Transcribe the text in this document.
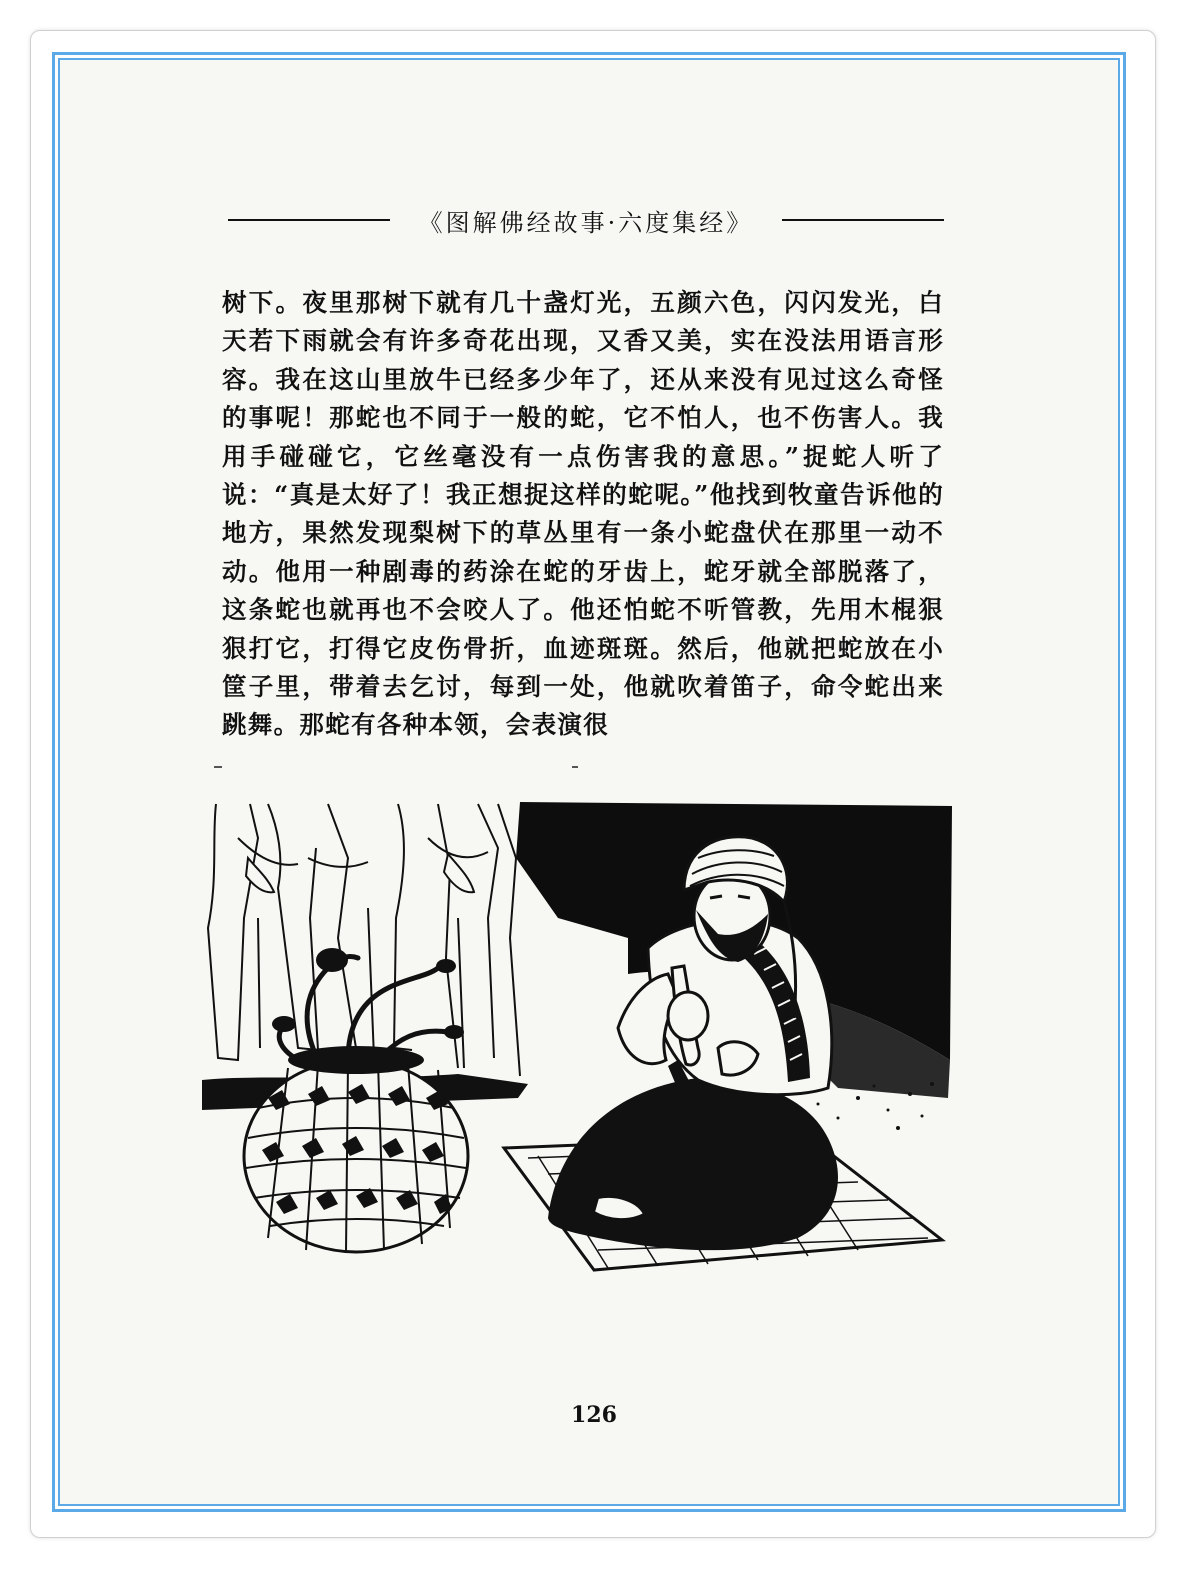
《图解佛经故事·六度集经》

树下。夜里那树下就有几十盏灯光，五颜六色，闪闪发光，白天若下雨就会有许多奇花出现，又香又美，实在没法用语言形容。我在这山里放牛已经多少年了，还从来没有见过这么奇怪的事呢！那蛇也不同于一般的蛇，它不怕人，也不伤害人。我用手碰碰它，它丝毫没有一点伤害我的意思。”捉蛇人听了说：“真是太好了！我正想捉这样的蛇呢。”他找到牧童告诉他的地方，果然发现梨树下的草丛里有一条小蛇盘伏在那里一动不动。他用一种剧毒的药涂在蛇的牙齿上，蛇牙就全部脱落了，这条蛇也就再也不会咬人了。他还怕蛇不听管教，先用木棍狠狠打它，打得它皮伤骨折，血迹斑斑。然后，他就把蛇放在小筐子里，带着去乞讨，每到一处，他就吹着笛子，命令蛇出来跳舞。那蛇有各种本领，会表演很

126
